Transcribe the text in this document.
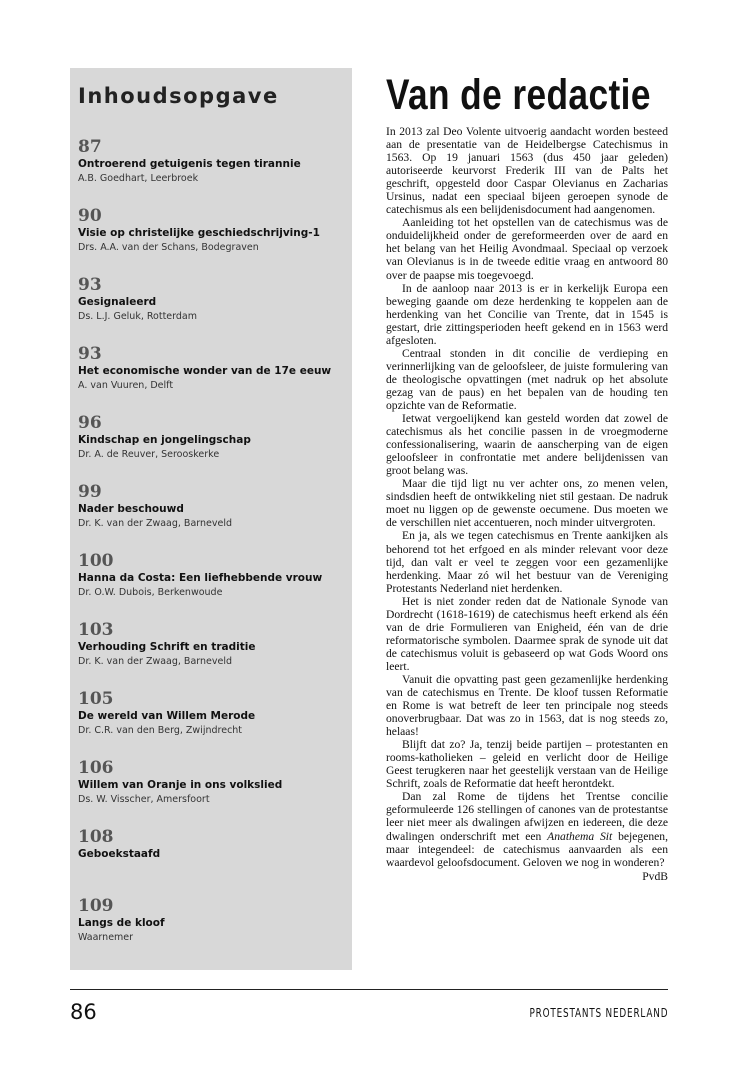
Inhoudsopgave
87
Ontroerend getuigenis tegen tirannie
A.B. Goedhart, Leerbroek
90
Visie op christelijke geschiedschrijving-1
Drs. A.A. van der Schans, Bodegraven
93
Gesignaleerd
Ds. L.J. Geluk, Rotterdam
93
Het economische wonder van de 17e eeuw
A. van Vuuren, Delft
96
Kindschap en jongelingschap
Dr. A. de Reuver, Serooskerke
99
Nader beschouwd
Dr. K. van der Zwaag, Barneveld
100
Hanna da Costa: Een liefhebbende vrouw
Dr. O.W. Dubois, Berkenwoude
103
Verhouding Schrift en traditie
Dr. K. van der Zwaag, Barneveld
105
De wereld van Willem Merode
Dr. C.R. van den Berg, Zwijndrecht
106
Willem van Oranje in ons volkslied
Ds. W. Visscher, Amersfoort
108
Geboekstaafd
109
Langs de kloof
Waarnemer
Van de redactie

In 2013 zal Deo Volente uitvoerig aandacht worden besteed aan de presentatie van de Heidelbergse Catechismus in 1563. Op 19 januari 1563 (dus 450 jaar geleden) autoriseerde keurvorst Frederik III van de Palts het geschrift, opgesteld door Caspar Olevianus en Zacharias Ursinus, nadat een speciaal bijeen geroepen synode de catechismus als een belijdenisdocument had aangenomen.

Aanleiding tot het opstellen van de catechismus was de onduidelijkheid onder de gereformeerden over de aard en het belang van het Heilig Avondmaal. Speciaal op verzoek van Olevianus is in de tweede editie vraag en antwoord 80 over de paapse mis toegevoegd.

In de aanloop naar 2013 is er in kerkelijk Europa een beweging gaande om deze herdenking te koppelen aan de herdenking van het Concilie van Trente, dat in 1545 is gestart, drie zittingsperioden heeft gekend en in 1563 werd afgesloten.

Centraal stonden in dit concilie de verdieping en verinnerlijking van de geloofsleer, de juiste formulering van de theologische opvattingen (met nadruk op het absolute gezag van de paus) en het bepalen van de houding ten opzichte van de Reformatie.

Ietwat vergoelijkend kan gesteld worden dat zowel de catechismus als het concilie passen in de vroegmoderne confessionalisering, waarin de aanscherping van de eigen geloofsleer in confrontatie met andere belijdenissen van groot belang was.

Maar die tijd ligt nu ver achter ons, zo menen velen, sindsdien heeft de ontwikkeling niet stil gestaan. De nadruk moet nu liggen op de gewenste oecumene. Dus moeten we de verschillen niet accentueren, noch minder uitvergroten.

En ja, als we tegen catechismus en Trente aankijken als behorend tot het erfgoed en als minder relevant voor deze tijd, dan valt er veel te zeggen voor een gezamenlijke herdenking. Maar zó wil het bestuur van de Vereniging Protestants Nederland niet herdenken.

Het is niet zonder reden dat de Nationale Synode van Dordrecht (1618-1619) de catechismus heeft erkend als één van de drie Formulieren van Enigheid, één van de drie reformatorische symbolen. Daarmee sprak de synode uit dat de catechismus voluit is gebaseerd op wat Gods Woord ons leert.

Vanuit die opvatting past geen gezamenlijke herdenking van de catechismus en Trente. De kloof tussen Reformatie en Rome is wat betreft de leer ten principale nog steeds onoverbrugbaar. Dat was zo in 1563, dat is nog steeds zo, helaas!

Blijft dat zo? Ja, tenzij beide partijen – protestanten en rooms-katholieken – geleid en verlicht door de Heilige Geest terugkeren naar het geestelijk verstaan van de Heilige Schrift, zoals de Reformatie dat heeft herontdekt.

Dan zal Rome de tijdens het Trentse concilie geformuleerde 126 stellingen of canones van de protestantse leer niet meer als dwalingen afwijzen en iedereen, die deze dwalingen onderschrift met een Anathema Sit bejegenen, maar integendeel: de catechismus aanvaarden als een waardevol geloofsdocument. Geloven we nog in wonderen?

PvdB
86	PROTESTANTS NEDERLAND
